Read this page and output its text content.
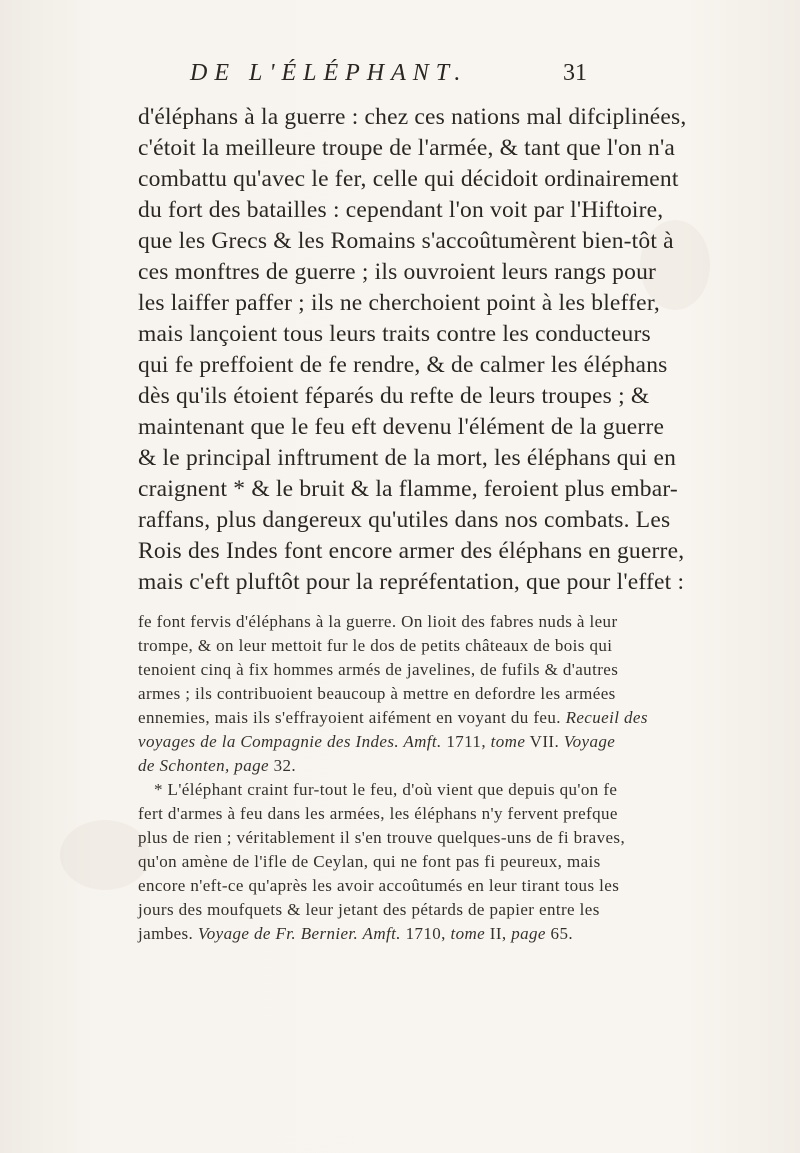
DE L'ÉLÉPHANT.	31
d'éléphans à la guerre : chez ces nations mal difciplinées,
c'étoit la meilleure troupe de l'armée, & tant que l'on n'a
combattu qu'avec le fer, celle qui décidoit ordinairement
du fort des batailles : cependant l'on voit par l'Hiftoire,
que les Grecs & les Romains s'accoûtumèrent bien-tôt à
ces monftres de guerre ; ils ouvroient leurs rangs pour
les laiffer paffer ; ils ne cherchoient point à les bleffer,
mais lançoient tous leurs traits contre les conducteurs
qui fe preffoient de fe rendre, & de calmer les éléphans
dès qu'ils étoient féparés du refte de leurs troupes ; &
maintenant que le feu eft devenu l'élément de la guerre
& le principal inftrument de la mort, les éléphans qui en
craignent * & le bruit & la flamme, feroient plus embar-
raffans, plus dangereux qu'utiles dans nos combats. Les
Rois des Indes font encore armer des éléphans en guerre,
mais c'eft pluftôt pour la repréfentation, que pour l'effet :
fe font fervis d'éléphans à la guerre. On lioit des fabres nuds à leur
trompe, & on leur mettoit fur le dos de petits châteaux de bois qui
tenoient cinq à fix hommes armés de javelines, de fufils & d'autres
armes ; ils contribuoient beaucoup à mettre en defordre les armées
ennemies, mais ils s'effrayoient aifément en voyant du feu. Recueil des
voyages de la Compagnie des Indes. Amft. 1711, tome VII. Voyage
de Schonten, page 32.
* L'éléphant craint fur-tout le feu, d'où vient que depuis qu'on fe
fert d'armes à feu dans les armées, les éléphans n'y fervent prefque
plus de rien ; véritablement il s'en trouve quelques-uns de fi braves,
qu'on amène de l'ifle de Ceylan, qui ne font pas fi peureux, mais
encore n'eft-ce qu'après les avoir accoûtumés en leur tirant tous les
jours des moufquets & leur jetant des pétards de papier entre les
jambes. Voyage de Fr. Bernier. Amft. 1710, tome II, page 65.
